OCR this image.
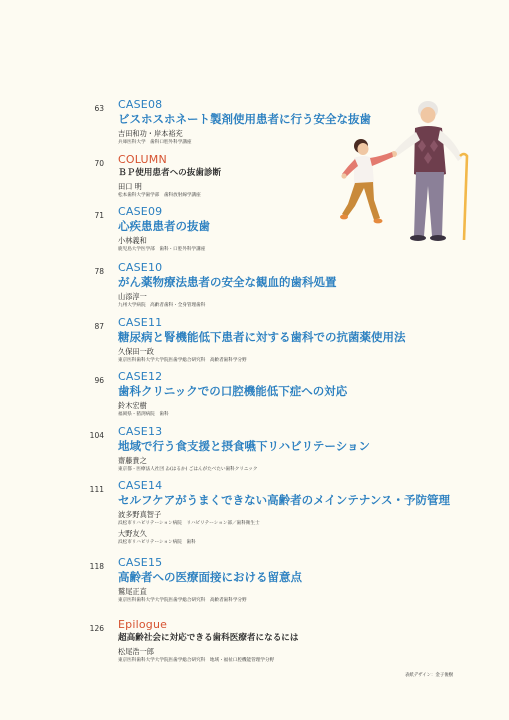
63 CASE08
ビスホスホネート製剤使用患者に行う安全な抜歯
吉田和功・岸本裕充
兵庫医科大学　歯科口腔外科学講座
70 COLUMN
ＢＰ使用患者への抜歯診断
田口 明
松本歯科大学歯学部　歯科放射線学講座
71 CASE09
心疾患患者の抜歯
小林義和
鹿児島大学医学部　歯科・口腔外科学講座
78 CASE10
がん薬物療法患者の安全な観血的歯科処置
山添淳一
九州大学病院　高齢者歯科・全身管理歯科
87 CASE11
糖尿病と腎機能低下患者に対する歯科での抗菌薬使用法
久保田一政
東京医科歯科大学大学院医歯学総合研究科　高齢者歯科学分野
96 CASE12
歯科クリニックでの口腔機能低下症への対応
鈴木宏樹
福岡県・猪渕病院　歯科
104 CASE13
地域で行う食支援と摂食嚥下リハビリテーション
齋藤貴之
東京都・医療法人社団 ゐ(はるか) ごはんがたべたい歯科クリニック
111 CASE14
セルフケアがうまくできない高齢者のメインテナンス・予防管理
波多野真智子
浜松市リハビリテーション病院　リハビリテーション部／歯科衛生士
大野友久
浜松市リハビリテーション病院　歯科
118 CASE15
高齢者への医療面接における留意点
鷲尾正直
東京医科歯科大学大学院医歯学総合研究科　高齢者歯科学分野
126 Epilogue
超高齢社会に対応できる歯科医療者になるには
松尾浩一郎
東京医科歯科大学大学院医歯学総合研究科　地域・福祉口腔機能管理学分野
表紙デザイン：金子俊樹
